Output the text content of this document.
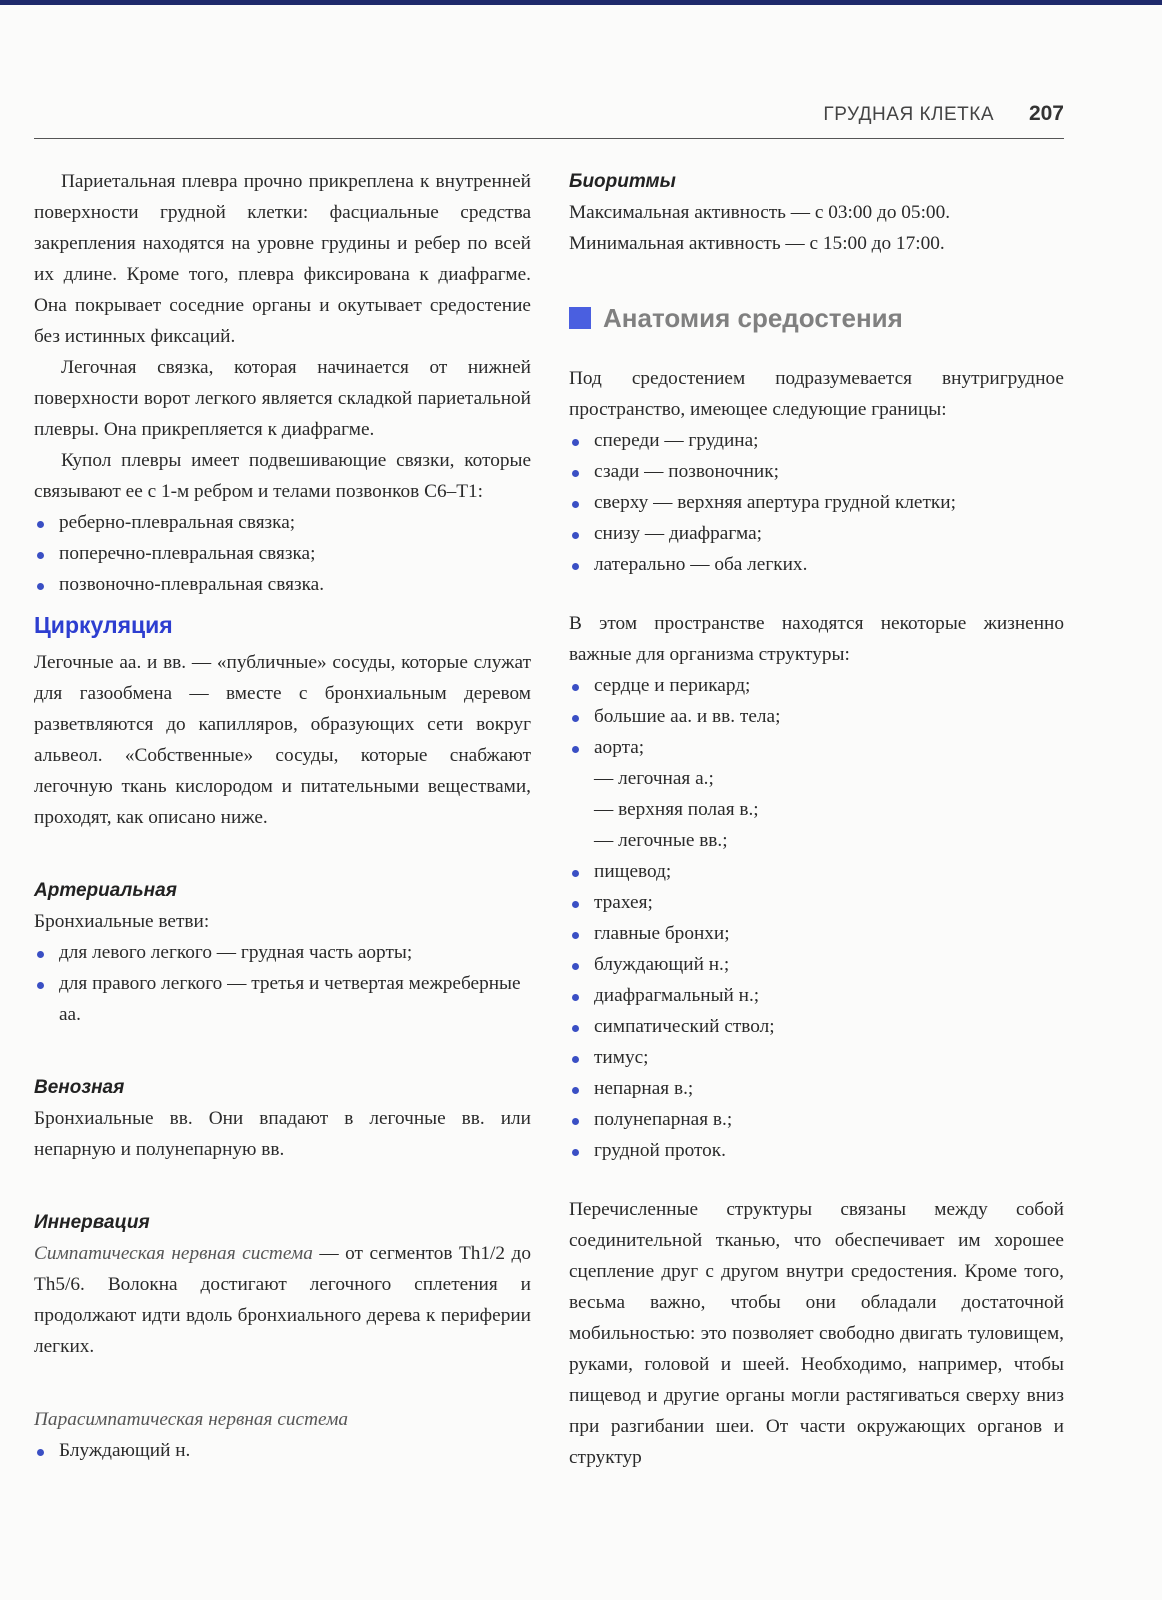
ГРУДНАЯ КЛЕТКА 207

Париетальная плевра прочно прикреплена к внутренней поверхности грудной клетки: фасциальные средства закрепления находятся на уровне грудины и ребер по всей их длине. Кроме того, плевра фиксирована к диафрагме. Она покрывает соседние органы и окутывает средостение без истинных фиксаций.

Легочная связка, которая начинается от нижней поверхности ворот легкого является складкой париетальной плевры. Она прикрепляется к диафрагме.

Купол плевры имеет подвешивающие связки, которые связывают ее с 1-м ребром и телами позвонков С6–Т1:

реберно-плевральная связка;
поперечно-плевральная связка;
позвоночно-плевральная связка.
Циркуляция

Легочные аа. и вв. — «публичные» сосуды, которые служат для газообмена — вместе с бронхиальным деревом разветвляются до капилляров, образующих сети вокруг альвеол. «Собственные» сосуды, которые снабжают легочную ткань кислородом и питательными веществами, проходят, как описано ниже.

Артериальная

Бронхиальные ветви:

для левого легкого — грудная часть аорты;
для правого легкого — третья и четвертая межреберные аа.
Венозная

Бронхиальные вв. Они впадают в легочные вв. или непарную и полунепарную вв.

Иннервация

Симпатическая нервная система — от сегментов Th1/2 до Th5/6. Волокна достигают легочного сплетения и продолжают идти вдоль бронхиального дерева к периферии легких.

Парасимпатическая нервная система

Блуждающий н.
Биоритмы

Максимальная активность — с 03:00 до 05:00.

Минимальная активность — с 15:00 до 17:00.

Анатомия средостения

Под средостением подразумевается внутригрудное пространство, имеющее следующие границы:

спереди — грудина;
сзади — позвоночник;
сверху — верхняя апертура грудной клетки;
снизу — диафрагма;
латерально — оба легких.

В этом пространстве находятся некоторые жизненно важные для организма структуры:

сердце и перикард;
большие аа. и вв. тела;
аорта;
— легочная а.;
— верхняя полая в.;
— легочные вв.;
пищевод;
трахея;
главные бронхи;
блуждающий н.;
диафрагмальный н.;
симпатический ствол;
тимус;
непарная в.;
полунепарная в.;
грудной проток.

Перечисленные структуры связаны между собой соединительной тканью, что обеспечивает им хорошее сцепление друг с другом внутри средостения. Кроме того, весьма важно, чтобы они обладали достаточной мобильностью: это позволяет свободно двигать туловищем, руками, головой и шеей. Необходимо, например, чтобы пищевод и другие органы могли растягиваться сверху вниз при разгибании шеи. От части окружающих органов и структур
